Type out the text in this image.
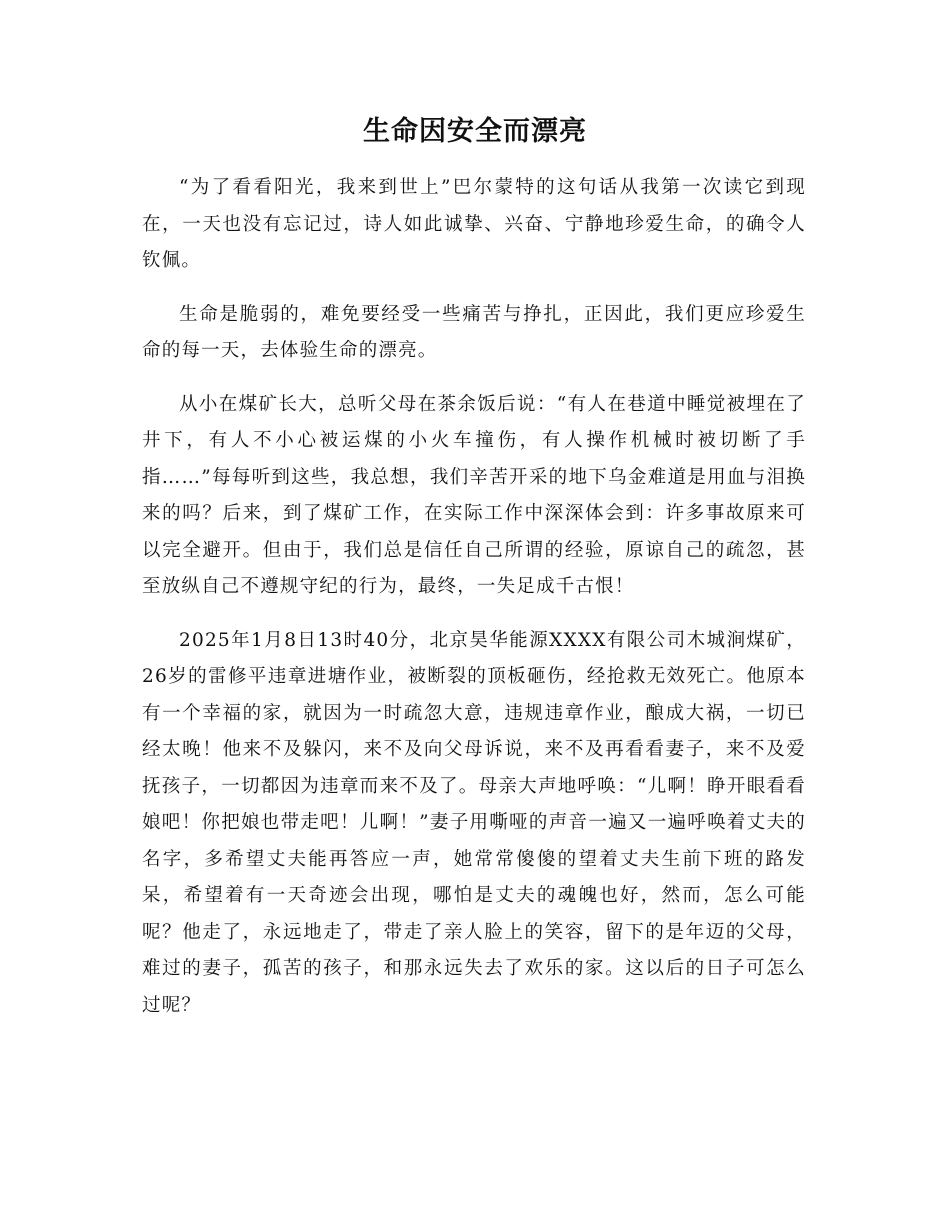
生命因安全而漂亮

“为了看看阳光，我来到世上”巴尔蒙特的这句话从我第一次读它到现在，一天也没有忘记过，诗人如此诚挚、兴奋、宁静地珍爱生命，的确令人钦佩。

生命是脆弱的，难免要经受一些痛苦与挣扎，正因此，我们更应珍爱生命的每一天，去体验生命的漂亮。

从小在煤矿长大，总听父母在茶余饭后说：“有人在巷道中睡觉被埋在了井下，有人不小心被运煤的小火车撞伤，有人操作机械时被切断了手指……”每每听到这些，我总想，我们辛苦开采的地下乌金难道是用血与泪换来的吗？后来，到了煤矿工作，在实际工作中深深体会到：许多事故原来可以完全避开。但由于，我们总是信任自己所谓的经验，原谅自己的疏忽，甚至放纵自己不遵规守纪的行为，最终，一失足成千古恨！

2025年1月8日13时40分，北京昊华能源XXXX有限公司木城涧煤矿，26岁的雷修平违章进塘作业，被断裂的顶板砸伤，经抢救无效死亡。他原本有一个幸福的家，就因为一时疏忽大意，违规违章作业，酿成大祸，一切已经太晚！他来不及躲闪，来不及向父母诉说，来不及再看看妻子，来不及爱抚孩子，一切都因为违章而来不及了。母亲大声地呼唤：“儿啊！睁开眼看看娘吧！你把娘也带走吧！儿啊！”妻子用嘶哑的声音一遍又一遍呼唤着丈夫的名字，多希望丈夫能再答应一声，她常常傻傻的望着丈夫生前下班的路发呆，希望着有一天奇迹会出现，哪怕是丈夫的魂魄也好，然而，怎么可能呢？他走了，永远地走了，带走了亲人脸上的笑容，留下的是年迈的父母，难过的妻子，孤苦的孩子，和那永远失去了欢乐的家。这以后的日子可怎么过呢？
